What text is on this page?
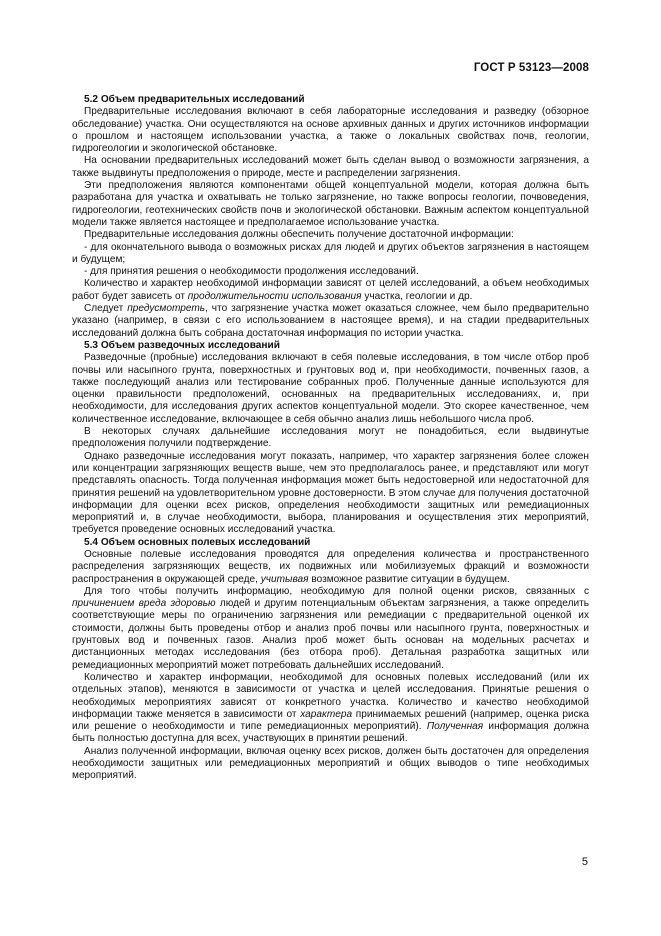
ГОСТ Р 53123—2008
5.2 Объем предварительных исследований

Предварительные исследования включают в себя лабораторные исследования и разведку (обзорное обследование) участка. Они осуществляются на основе архивных данных и других источников информации о прошлом и настоящем использовании участка, а также о локальных свойствах почв, геологии, гидрогеологии и экологической обстановке.

На основании предварительных исследований может быть сделан вывод о возможности загрязнения, а также выдвинуты предположения о природе, месте и распределении загрязнения.

Эти предположения являются компонентами общей концептуальной модели, которая должна быть разработана для участка и охватывать не только загрязнение, но также вопросы геологии, почвоведения, гидрогеологии, геотехнических свойств почв и экологической обстановки. Важным аспектом концептуальной модели также является настоящее и предполагаемое использование участка.

Предварительные исследования должны обеспечить получение достаточной информации:

- для окончательного вывода о возможных рисках для людей и других объектов загрязнения в настоящем и будущем;

- для принятия решения о необходимости продолжения исследований.

Количество и характер необходимой информации зависят от целей исследований, а объем необходимых работ будет зависеть от продолжительности использования участка, геологии и др.

Следует предусмотреть, что загрязнение участка может оказаться сложнее, чем было предварительно указано (например, в связи с его использованием в настоящее время), и на стадии предварительных исследований должна быть собрана достаточная информация по истории участка.

5.3 Объем разведочных исследований

Разведочные (пробные) исследования включают в себя полевые исследования, в том числе отбор проб почвы или насыпного грунта, поверхностных и грунтовых вод и, при необходимости, почвенных газов, а также последующий анализ или тестирование собранных проб. Полученные данные используются для оценки правильности предположений, основанных на предварительных исследованиях, и, при необходимости, для исследования других аспектов концептуальной модели. Это скорее качественное, чем количественное исследование, включающее в себя обычно анализ лишь небольшого числа проб.

В некоторых случаях дальнейшие исследования могут не понадобиться, если выдвинутые предположения получили подтверждение.

Однако разведочные исследования могут показать, например, что характер загрязнения более сложен или концентрации загрязняющих веществ выше, чем это предполагалось ранее, и представляют или могут представлять опасность. Тогда полученная информация может быть недостоверной или недостаточной для принятия решений на удовлетворительном уровне достоверности. В этом случае для получения достаточной информации для оценки всех рисков, определения необходимости защитных или ремедиационных мероприятий и, в случае необходимости, выбора, планирования и осуществления этих мероприятий, требуется проведение основных исследований участка.

5.4 Объем основных полевых исследований

Основные полевые исследования проводятся для определения количества и пространственного распределения загрязняющих веществ, их подвижных или мобилизуемых фракций и возможности распространения в окружающей среде, учитывая возможное развитие ситуации в будущем.

Для того чтобы получить информацию, необходимую для полной оценки рисков, связанных с причинением вреда здоровью людей и другим потенциальным объектам загрязнения, а также определить соответствующие меры по ограничению загрязнения или ремедиации с предварительной оценкой их стоимости, должны быть проведены отбор и анализ проб почвы или насыпного грунта, поверхностных и грунтовых вод и почвенных газов. Анализ проб может быть основан на модельных расчетах и дистанционных методах исследования (без отбора проб). Детальная разработка защитных или ремедиационных мероприятий может потребовать дальнейших исследований.

Количество и характер информации, необходимой для основных полевых исследований (или их отдельных этапов), меняются в зависимости от участка и целей исследования. Принятые решения о необходимых мероприятиях зависят от конкретного участка. Количество и качество необходимой информации также меняется в зависимости от характера принимаемых решений (например, оценка риска или решение о необходимости и типе ремедиационных мероприятий). Полученная информация должна быть полностью доступна для всех, участвующих в принятии решений.

Анализ полученной информации, включая оценку всех рисков, должен быть достаточен для определения необходимости защитных или ремедиационных мероприятий и общих выводов о типе необходимых мероприятий.

5
